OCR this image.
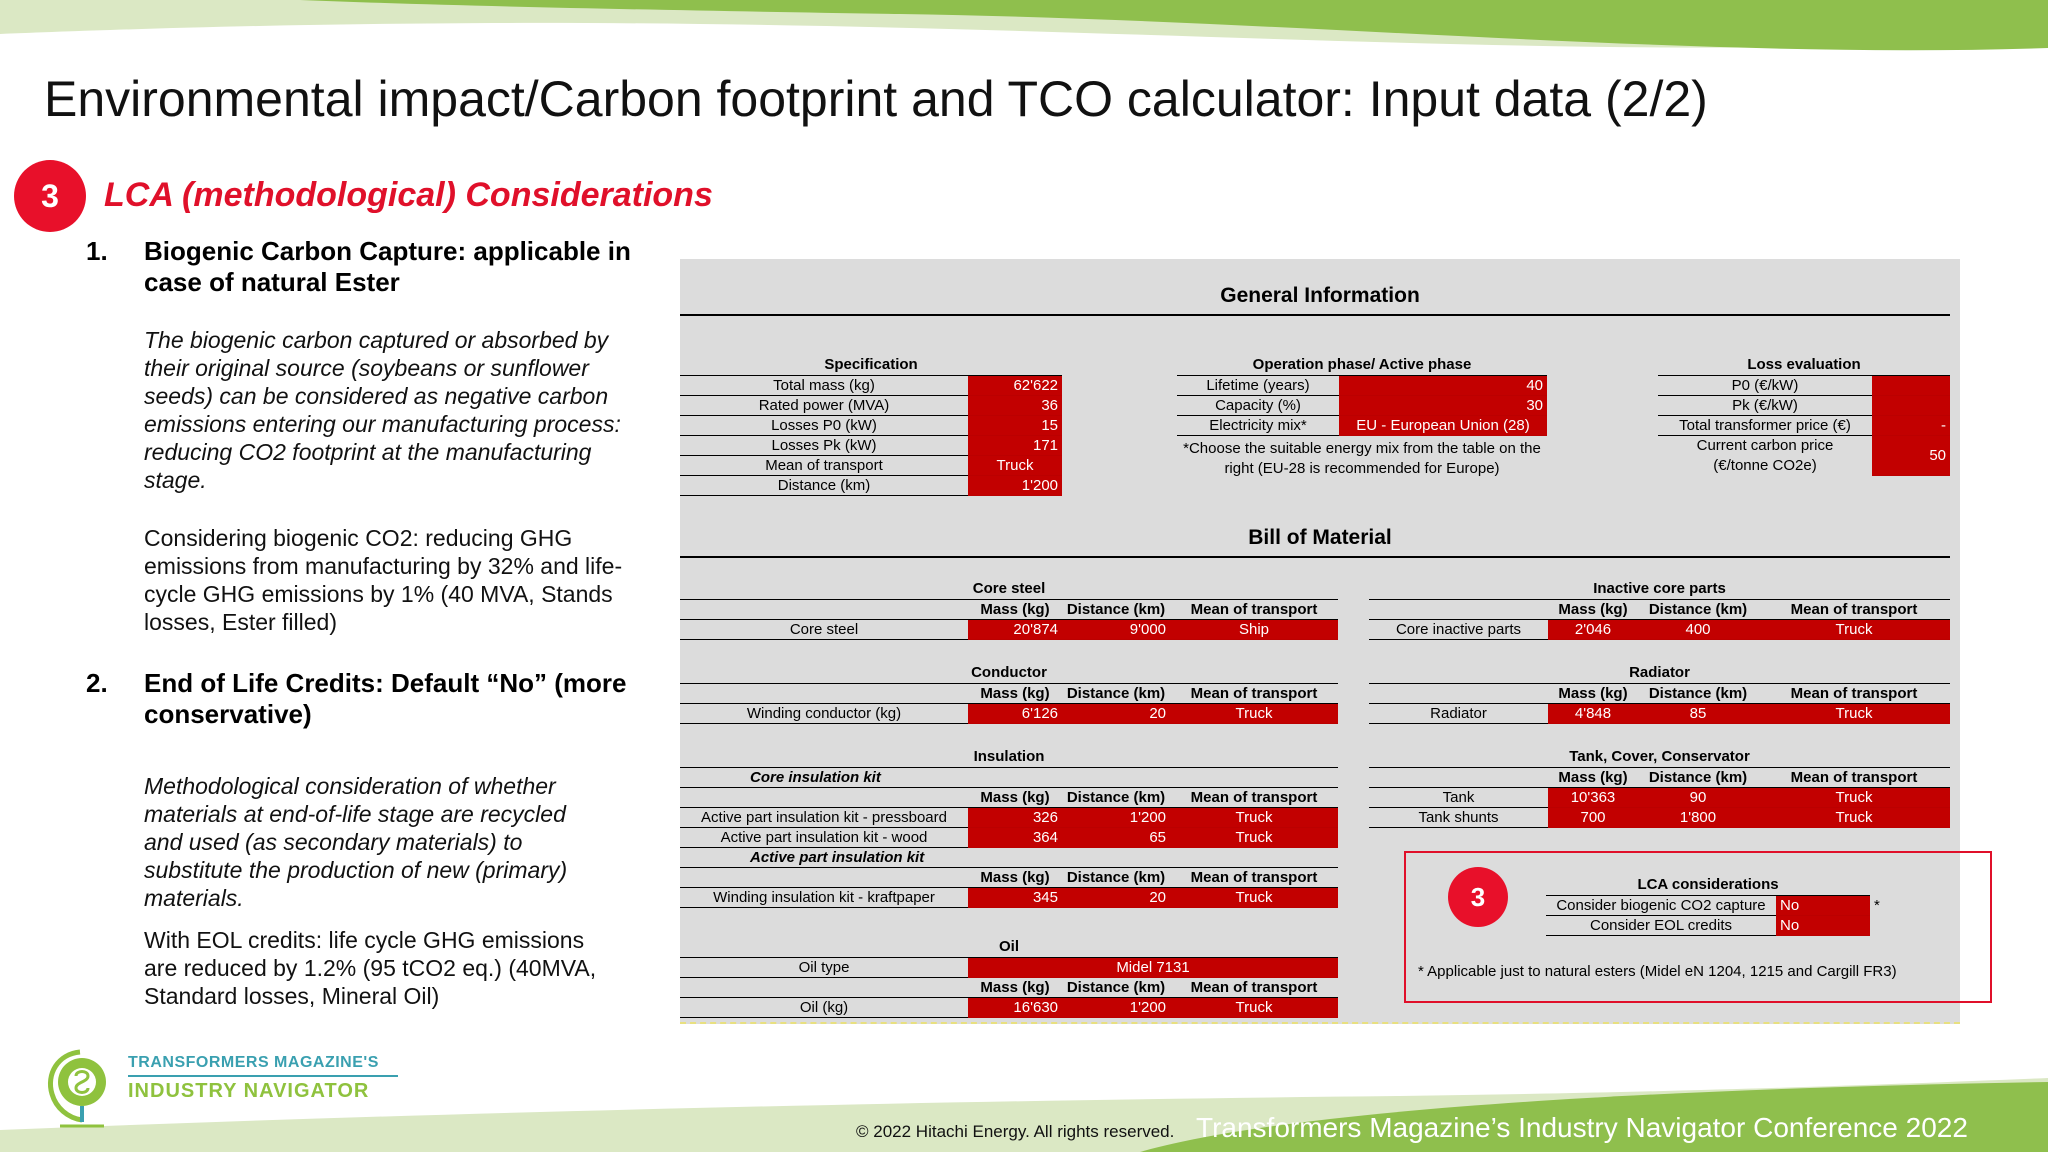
Environmental impact/Carbon footprint and TCO calculator: Input data (2/2)
3	LCA (methodological) Considerations
1. Biogenic Carbon Capture: applicable in case of natural Ester
The biogenic carbon captured or absorbed by their original source (soybeans or sunflower seeds) can be considered as negative carbon emissions entering our manufacturing process: reducing CO2 footprint at the manufacturing stage.
Considering biogenic CO2: reducing GHG emissions from manufacturing by 32% and life-cycle GHG emissions by 1% (40 MVA, Stands losses, Ester filled)
2. End of Life Credits: Default “No” (more conservative)
Methodological consideration of whether materials at end-of-life stage are recycled and used (as secondary materials) to substitute the production of new (primary) materials.
With EOL credits: life cycle GHG emissions are reduced by 1.2% (95 tCO2 eq.) (40MVA, Standard losses, Mineral Oil)
General Information
Specification	
Total mass (kg)	62'622
Rated power (MVA)	36
Losses P0 (kW)	15
Losses Pk (kW)	171
Mean of transport	Truck
Distance (km)	1'200
Operation phase/ Active phase	
Lifetime (years)	40
Capacity (%)	30
Electricity mix*	EU - European Union (28)
*Choose the suitable energy mix from the table on the right (EU-28 is recommended for Europe)
Loss evaluation	
P0 (€/kW)	
Pk (€/kW)	
Total transformer price (€)	-
Current carbon price	50
(€/tonne CO2e)	
Bill of Material
Core steel			
	Mass (kg)	Distance (km)	Mean of transport
Core steel	20'874	9'000	Ship
Conductor			
	Mass (kg)	Distance (km)	Mean of transport
Winding conductor (kg)	6'126	20	Truck
Insulation			
Core insulation kit			
	Mass (kg)	Distance (km)	Mean of transport
Active part insulation kit - pressboard	326	1'200	Truck
Active part insulation kit - wood	364	65	Truck
Active part insulation kit			
	Mass (kg)	Distance (km)	Mean of transport
Winding insulation kit - kraftpaper	345	20	Truck
Oil			
Oil type	Midel 7131		
	Mass (kg)	Distance (km)	Mean of transport
Oil (kg)	16'630	1'200	Truck
Inactive core parts			
	Mass (kg)	Distance (km)	Mean of transport
Core inactive parts	2'046	400	Truck
Radiator			
	Mass (kg)	Distance (km)	Mean of transport
Radiator	4'848	85	Truck
Tank, Cover, Conservator			
	Mass (kg)	Distance (km)	Mean of transport
Tank	10'363	90	Truck
Tank shunts	700	1'800	Truck
3	LCA considerations	
Consider biogenic CO2 capture	No
Consider EOL credits	No
*
* Applicable just to natural esters (Midel eN 1204, 1215 and Cargill FR3)
TRANSFORMERS MAGAZINE'S
INDUSTRY NAVIGATOR
© 2022 Hitachi Energy. All rights reserved. Transformers Magazine’s Industry Navigator Conference 2022
